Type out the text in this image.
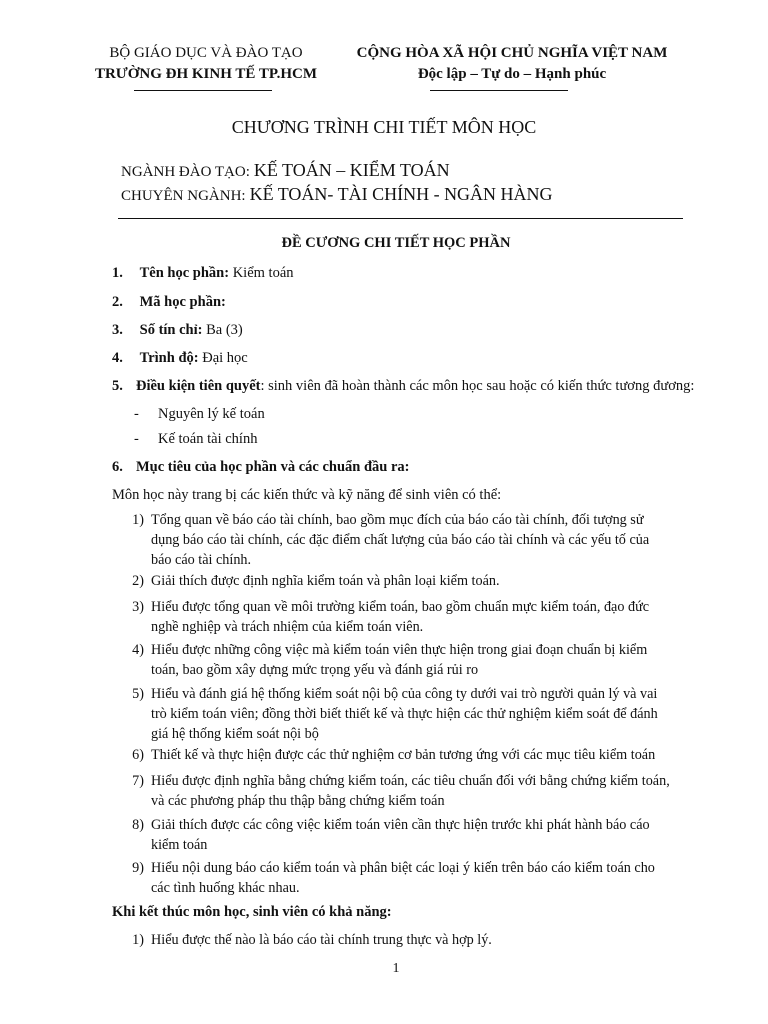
BỘ GIÁO DỤC VÀ ĐÀO TẠO
TRƯỜNG ĐH KINH TẾ TP.HCM
CỘNG HÒA XÃ HỘI CHỦ NGHĨA VIỆT NAM
Độc lập – Tự do – Hạnh phúc
CHƯƠNG TRÌNH CHI TIẾT MÔN HỌC
NGÀNH ĐÀO TẠO: KẾ TOÁN – KIỂM TOÁN
CHUYÊN NGÀNH: KẾ TOÁN- TÀI CHÍNH - NGÂN HÀNG
ĐỀ CƯƠNG CHI TIẾT HỌC PHẦN
1. Tên học phần: Kiểm toán
2. Mã học phần:
3. Số tín chỉ: Ba (3)
4. Trình độ: Đại học
5. Điều kiện tiên quyết: sinh viên đã hoàn thành các môn học sau hoặc có kiến thức tương đương:
- Nguyên lý kế toán
- Kế toán tài chính
6. Mục tiêu của học phần và các chuẩn đầu ra:
Môn học này trang bị các kiến thức và kỹ năng để sinh viên có thể:
1) Tổng quan về báo cáo tài chính, bao gồm mục đích của báo cáo tài chính, đối tượng sử
dụng báo cáo tài chính, các đặc điểm chất lượng của báo cáo tài chính và các yếu tố của
báo cáo tài chính.
2) Giải thích được định nghĩa kiểm toán và phân loại kiểm toán.
3) Hiểu được tổng quan về môi trường kiểm toán, bao gồm chuẩn mực kiểm toán, đạo đức
nghề nghiệp và trách nhiệm của kiểm toán viên.
4) Hiểu được những công việc mà kiểm toán viên thực hiện trong giai đoạn chuẩn bị kiểm
toán, bao gồm xây dựng mức trọng yếu và đánh giá rủi ro
5) Hiểu và đánh giá hệ thống kiểm soát nội bộ của công ty dưới vai trò người quản lý và vai
trò kiểm toán viên; đồng thời biết thiết kế và thực hiện các thử nghiệm kiểm soát để đánh
giá hệ thống kiểm soát nội bộ
6) Thiết kế và thực hiện được các thử nghiệm cơ bản tương ứng với các mục tiêu kiểm toán
7) Hiểu được định nghĩa bằng chứng kiểm toán, các tiêu chuẩn đối với bằng chứng kiểm toán,
và các phương pháp thu thập bằng chứng kiểm toán
8) Giải thích được các công việc kiểm toán viên cần thực hiện trước khi phát hành báo cáo
kiểm toán
9) Hiểu nội dung báo cáo kiểm toán và phân biệt các loại ý kiến trên báo cáo kiểm toán cho
các tình huống khác nhau.
Khi kết thúc môn học, sinh viên có khả năng:
1) Hiểu được thế nào là báo cáo tài chính trung thực và hợp lý.
1
